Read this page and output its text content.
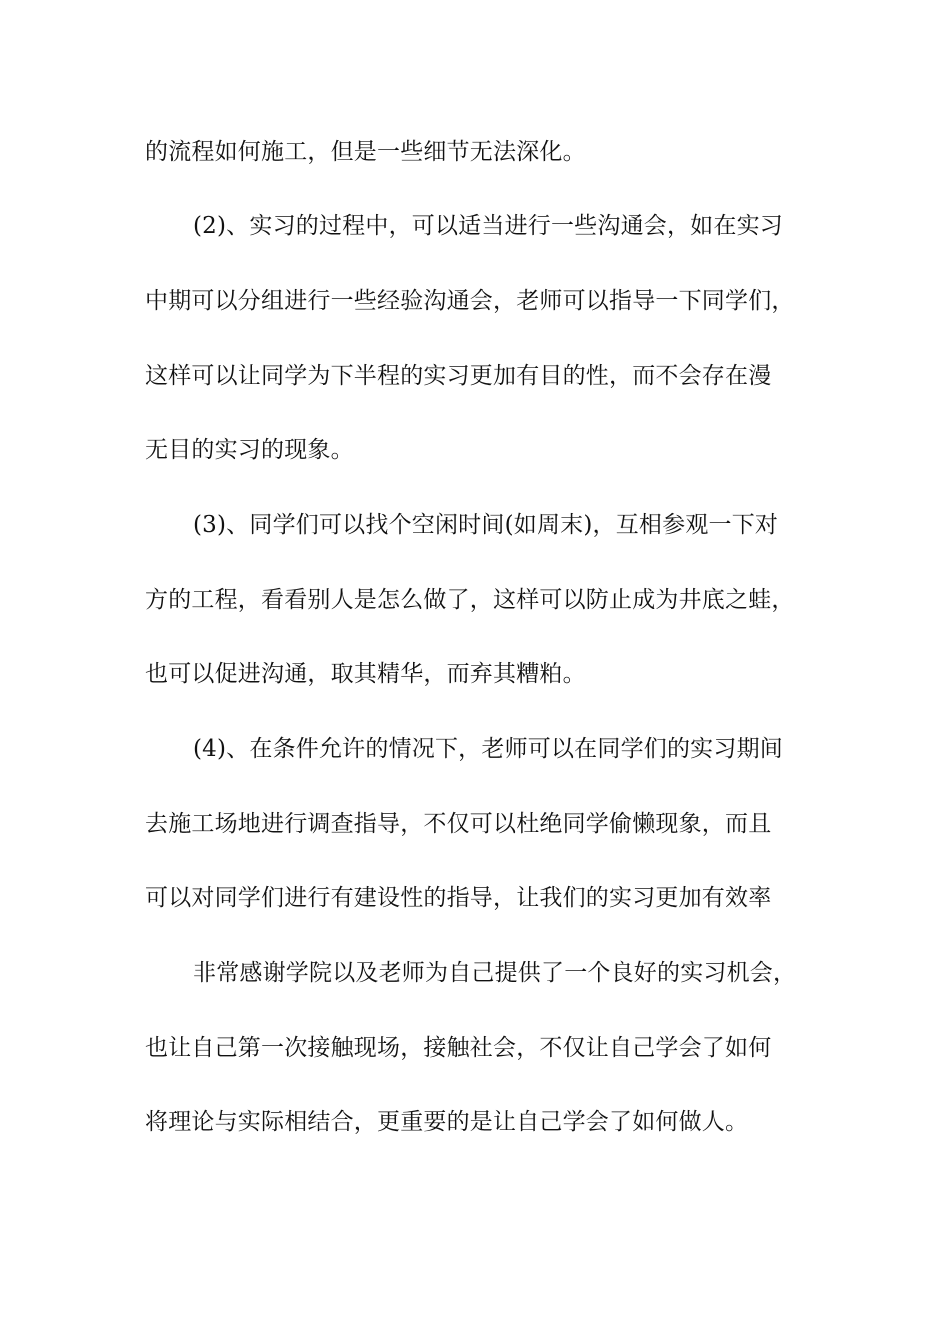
的流程如何施工，但是一些细节无法深化。
(2)、实习的过程中，可以适当进行一些沟通会，如在实习
中期可以分组进行一些经验沟通会，老师可以指导一下同学们，
这样可以让同学为下半程的实习更加有目的性，而不会存在漫
无目的实习的现象。
(3)、同学们可以找个空闲时间(如周末)，互相参观一下对
方的工程，看看别人是怎么做了，这样可以防止成为井底之蛙，
也可以促进沟通，取其精华，而弃其糟粕。
(4)、在条件允许的情况下，老师可以在同学们的实习期间
去施工场地进行调查指导，不仅可以杜绝同学偷懒现象，而且
可以对同学们进行有建设性的指导，让我们的实习更加有效率
非常感谢学院以及老师为自己提供了一个良好的实习机会，
也让自己第一次接触现场，接触社会，不仅让自己学会了如何
将理论与实际相结合，更重要的是让自己学会了如何做人。
